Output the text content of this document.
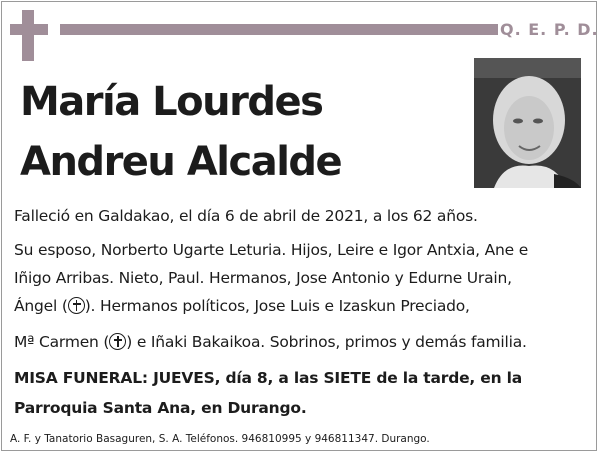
Q. E. P. D.
María Lourdes
Andreu Alcalde
Falleció en Galdakao, el día 6 de abril de 2021, a los 62 años.
Su esposo, Norberto Ugarte Leturia. Hijos, Leire e Igor Antxia, Ane e
Iñigo Arribas. Nieto, Paul. Hermanos, Jose Antonio y Edurne Urain,
Ángel ( ). Hermanos políticos, Jose Luis e Izaskun Preciado,
Mª Carmen ( ) e Iñaki Bakaikoa. Sobrinos, primos y demás familia.
MISA FUNERAL: JUEVES, día 8, a las SIETE de la tarde, en la
Parroquia Santa Ana, en Durango.
A. F. y Tanatorio Basaguren, S. A. Teléfonos. 946810995 y 946811347. Durango.
